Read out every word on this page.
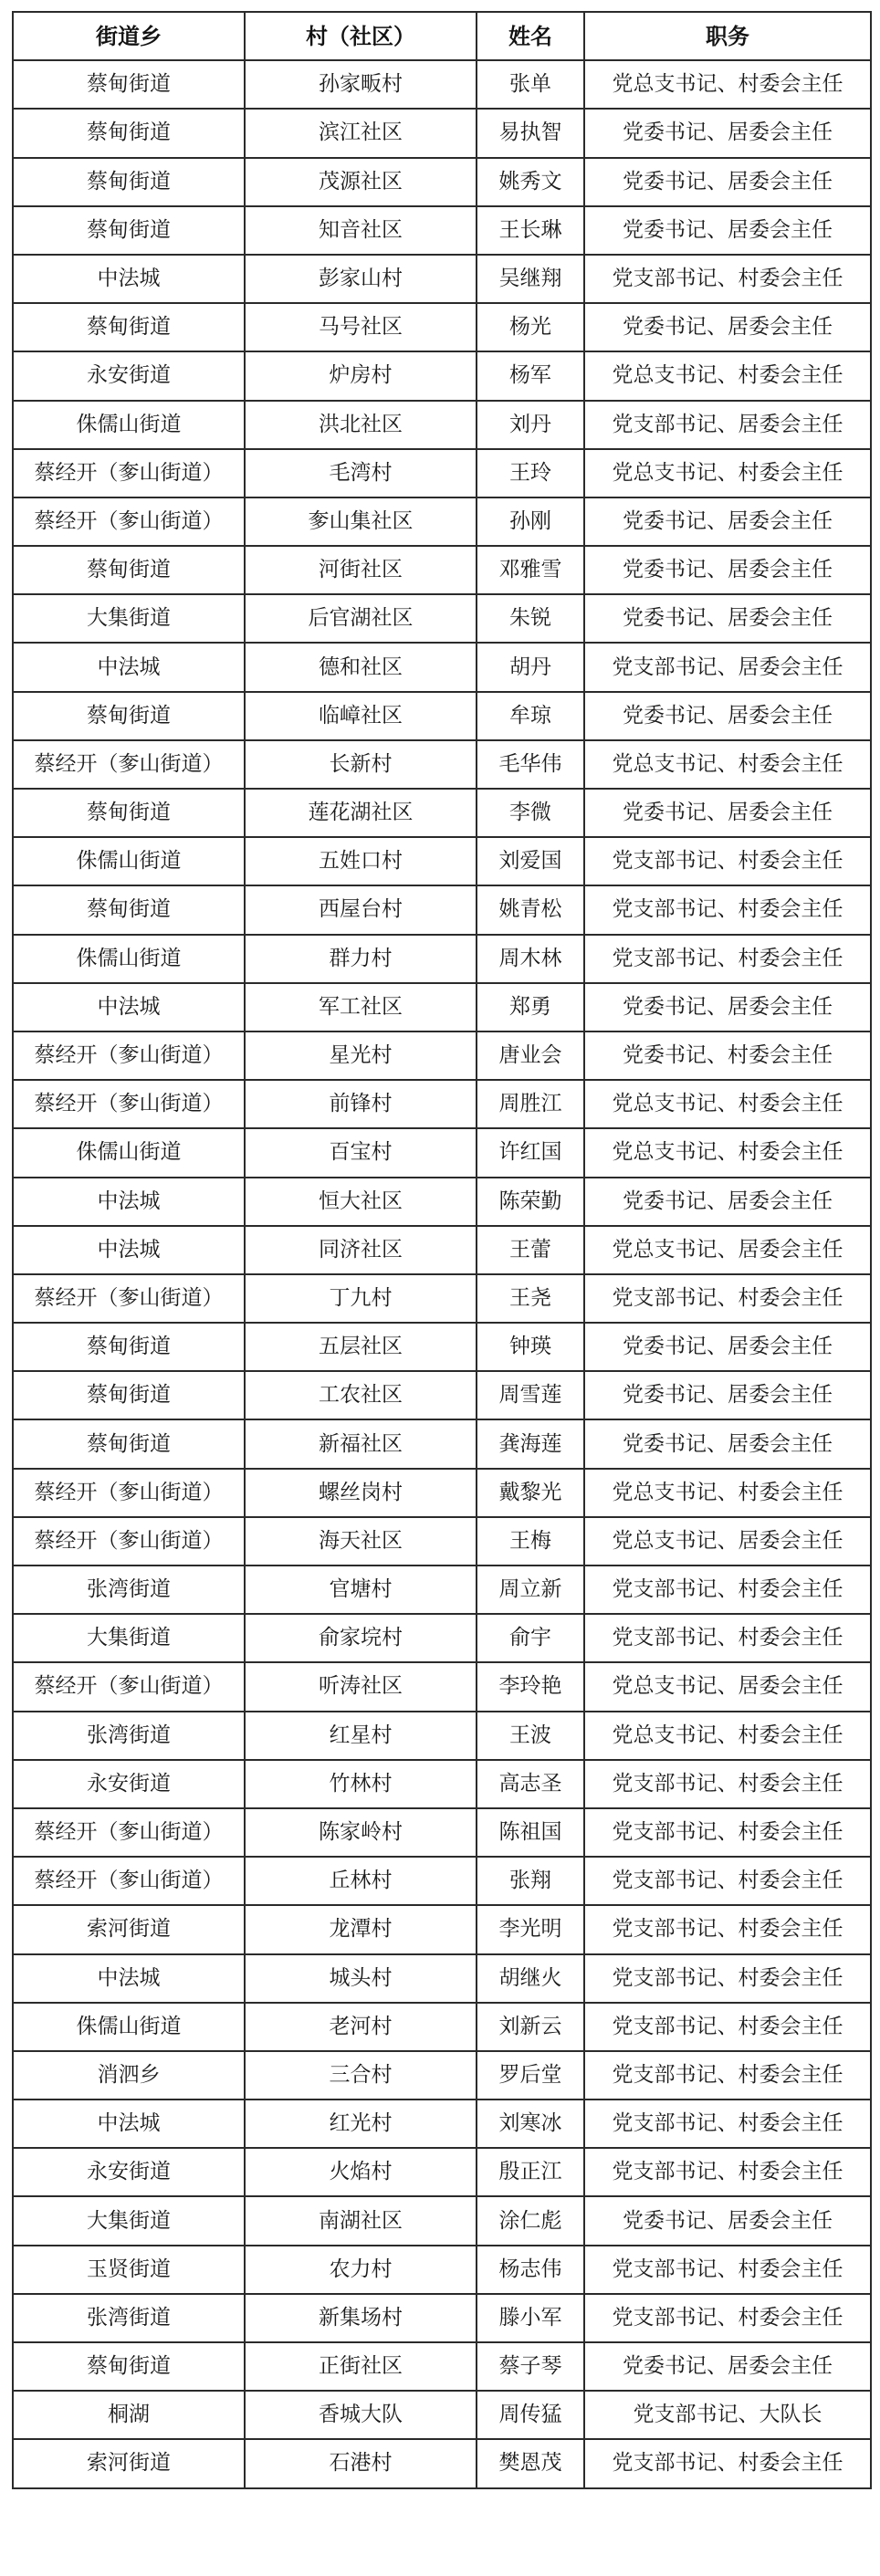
街道乡	村（社区）	姓名	职务
蔡甸街道	孙家畈村	张单	党总支书记、村委会主任
蔡甸街道	滨江社区	易执智	党委书记、居委会主任
蔡甸街道	茂源社区	姚秀文	党委书记、居委会主任
蔡甸街道	知音社区	王长琳	党委书记、居委会主任
中法城	彭家山村	吴继翔	党支部书记、村委会主任
蔡甸街道	马号社区	杨光	党委书记、居委会主任
永安街道	炉房村	杨军	党总支书记、村委会主任
侏儒山街道	洪北社区	刘丹	党支部书记、居委会主任
蔡经开（奓山街道）	毛湾村	王玲	党总支书记、村委会主任
蔡经开（奓山街道）	奓山集社区	孙刚	党委书记、居委会主任
蔡甸街道	河街社区	邓雅雪	党委书记、居委会主任
大集街道	后官湖社区	朱锐	党委书记、居委会主任
中法城	德和社区	胡丹	党支部书记、居委会主任
蔡甸街道	临嶂社区	牟琼	党委书记、居委会主任
蔡经开（奓山街道）	长新村	毛华伟	党总支书记、村委会主任
蔡甸街道	莲花湖社区	李微	党委书记、居委会主任
侏儒山街道	五姓口村	刘爱国	党支部书记、村委会主任
蔡甸街道	西屋台村	姚青松	党支部书记、村委会主任
侏儒山街道	群力村	周木林	党支部书记、村委会主任
中法城	军工社区	郑勇	党委书记、居委会主任
蔡经开（奓山街道）	星光村	唐业会	党委书记、村委会主任
蔡经开（奓山街道）	前锋村	周胜江	党总支书记、村委会主任
侏儒山街道	百宝村	许红国	党总支书记、村委会主任
中法城	恒大社区	陈荣勤	党委书记、居委会主任
中法城	同济社区	王蕾	党总支书记、居委会主任
蔡经开（奓山街道）	丁九村	王尧	党支部书记、村委会主任
蔡甸街道	五层社区	钟瑛	党委书记、居委会主任
蔡甸街道	工农社区	周雪莲	党委书记、居委会主任
蔡甸街道	新福社区	龚海莲	党委书记、居委会主任
蔡经开（奓山街道）	螺丝岗村	戴黎光	党总支书记、村委会主任
蔡经开（奓山街道）	海天社区	王梅	党总支书记、居委会主任
张湾街道	官塘村	周立新	党支部书记、村委会主任
大集街道	俞家垸村	俞宇	党支部书记、村委会主任
蔡经开（奓山街道）	听涛社区	李玲艳	党总支书记、居委会主任
张湾街道	红星村	王波	党总支书记、村委会主任
永安街道	竹林村	高志圣	党支部书记、村委会主任
蔡经开（奓山街道）	陈家岭村	陈祖国	党支部书记、村委会主任
蔡经开（奓山街道）	丘林村	张翔	党支部书记、村委会主任
索河街道	龙潭村	李光明	党支部书记、村委会主任
中法城	城头村	胡继火	党支部书记、村委会主任
侏儒山街道	老河村	刘新云	党支部书记、村委会主任
消泗乡	三合村	罗后堂	党支部书记、村委会主任
中法城	红光村	刘寒冰	党支部书记、村委会主任
永安街道	火焰村	殷正江	党支部书记、村委会主任
大集街道	南湖社区	涂仁彪	党委书记、居委会主任
玉贤街道	农力村	杨志伟	党支部书记、村委会主任
张湾街道	新集场村	滕小军	党支部书记、村委会主任
蔡甸街道	正街社区	蔡子琴	党委书记、居委会主任
桐湖	香城大队	周传猛	党支部书记、大队长
索河街道	石港村	樊恩茂	党支部书记、村委会主任
